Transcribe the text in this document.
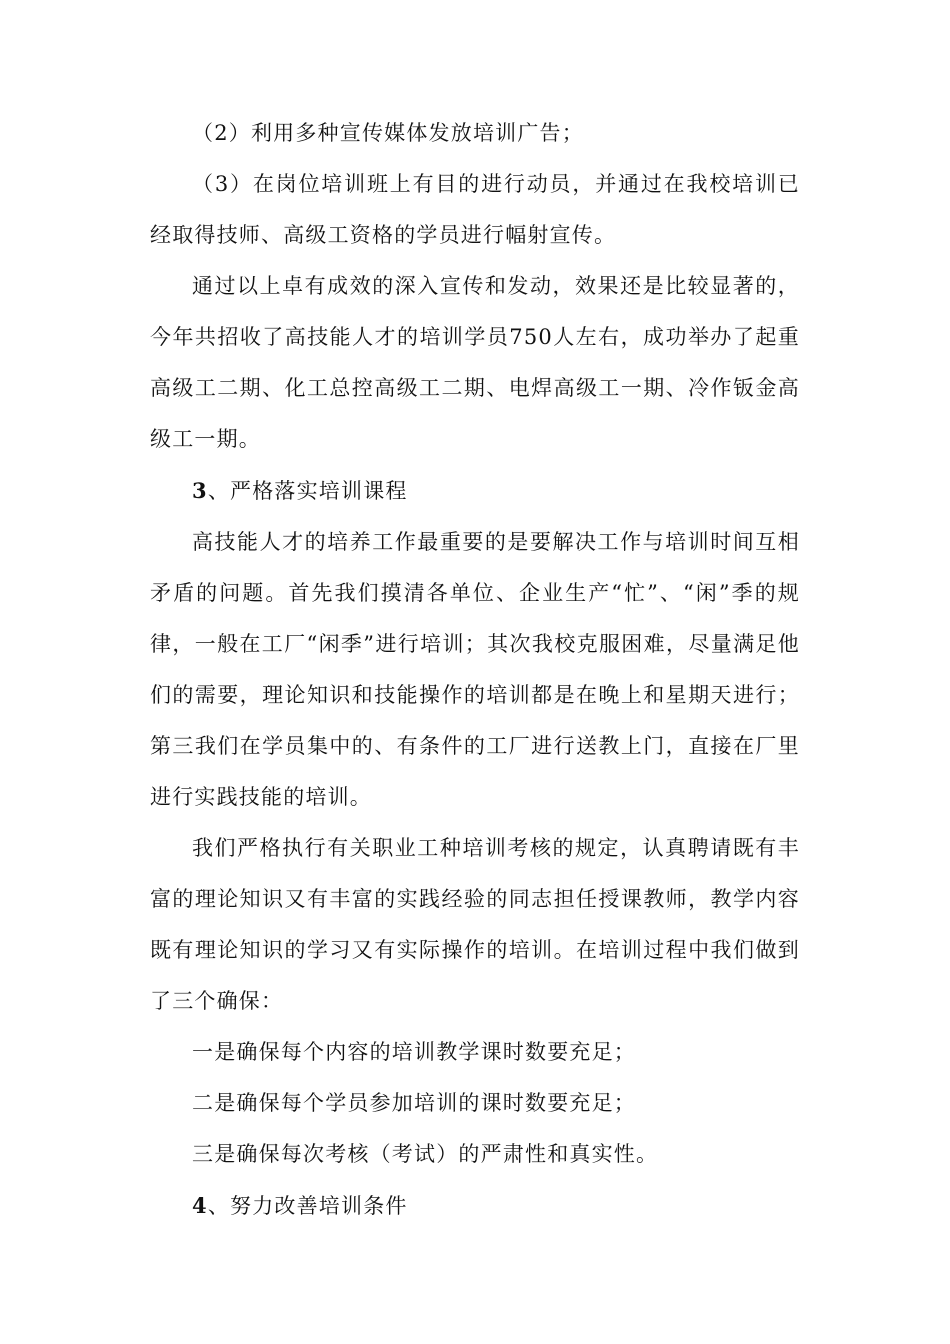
（2）利用多种宣传媒体发放培训广告；

（3）在岗位培训班上有目的进行动员，并通过在我校培训已经取得技师、高级工资格的学员进行幅射宣传。

通过以上卓有成效的深入宣传和发动，效果还是比较显著的，今年共招收了高技能人才的培训学员750人左右，成功举办了起重高级工二期、化工总控高级工二期、电焊高级工一期、冷作钣金高级工一期。

3、严格落实培训课程

高技能人才的培养工作最重要的是要解决工作与培训时间互相矛盾的问题。首先我们摸清各单位、企业生产“忙”、“闲”季的规律，一般在工厂“闲季”进行培训；其次我校克服困难，尽量满足他们的需要，理论知识和技能操作的培训都是在晚上和星期天进行；第三我们在学员集中的、有条件的工厂进行送教上门，直接在厂里进行实践技能的培训。

我们严格执行有关职业工种培训考核的规定，认真聘请既有丰富的理论知识又有丰富的实践经验的同志担任授课教师，教学内容既有理论知识的学习又有实际操作的培训。在培训过程中我们做到了三个确保：

一是确保每个内容的培训教学课时数要充足；

二是确保每个学员参加培训的课时数要充足；

三是确保每次考核（考试）的严肃性和真实性。

4、努力改善培训条件
